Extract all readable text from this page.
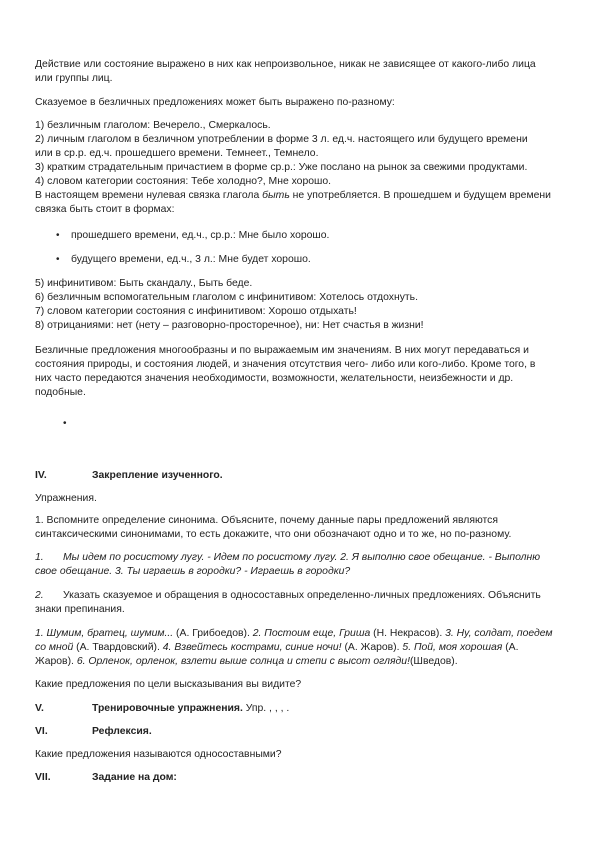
Действие или состояние выражено в них как непроизвольное, никак не зависящее от какого-либо лица
или группы лиц.
Сказуемое в безличных предложениях может быть выражено по-разному:
1) безличным глаголом: Вечерело., Смеркалось.
2) личным глаголом в безличном употреблении в форме 3 л. ед.ч. настоящего или будущего времени
или в ср.р. ед.ч. прошедшего времени. Темнеет., Темнело.
3) кратким страдательным причастием в форме ср.р.: Уже послано на рынок за свежими продуктами.
4) словом категории состояния: Тебе холодно?, Мне хорошо.
В настоящем времени нулевая связка глагола быть не употребляется. В прошедшем и будущем времени
связка быть стоит в формах:
• прошедшего времени, ед.ч., ср.р.: Мне было хорошо.
• будущего времени, ед.ч., 3 л.: Мне будет хорошо.
5) инфинитивом: Быть скандалу., Быть беде.
6) безличным вспомогательным глаголом с инфинитивом: Хотелось отдохнуть.
7) словом категории состояния с инфинитивом: Хорошо отдыхать!
8) отрицаниями: нет (нету – разговорно-просторечное), ни: Нет счастья в жизни!
Безличные предложения многообразны и по выражаемым им значениям. В них могут передаваться и
состояния природы, и состояния людей, и значения отсутствия чего- либо или кого-либо. Кроме того, в
них часто передаются значения необходимости, возможности, желательности, неизбежности и др.
подобные.
•
IV.	Закрепление изученного.
Упражнения.
1. Вспомните определение синонима. Объясните, почему данные пары предложений являются
синтаксическими синонимами, то есть докажите, что они обозначают одно и то же, но по-разному.
1.	Мы идем по росистому лугу. - Идем по росистому лугу. 2. Я выполню свое обещание. - Выполню
свое обещание. 3. Ты играешь в городки? - Играешь в городки?
2.	Указать сказуемое и обращения в односоставных определенно-личных предложениях. Объяснить
знаки препинания.
1. Шумим, братец, шумим... (А. Грибоедов). 2. Постоим еще, Гриша (Н. Некрасов). 3. Ну, солдат, поедем
со мной (А. Твардовский). 4. Взвейтесь кострами, синие ночи! (А. Жаров). 5. Пой, моя хорошая (А.
Жаров). 6. Орленок, орленок, взлети выше солнца и степи с высот огляди!(Шведов).
Какие предложения по цели высказывания вы видите?
V.	Тренировочные упражнения. Упр. , , , .
VI.	Рефлексия.
Какие предложения называются односоставными?
VII.	Задание на дом:
